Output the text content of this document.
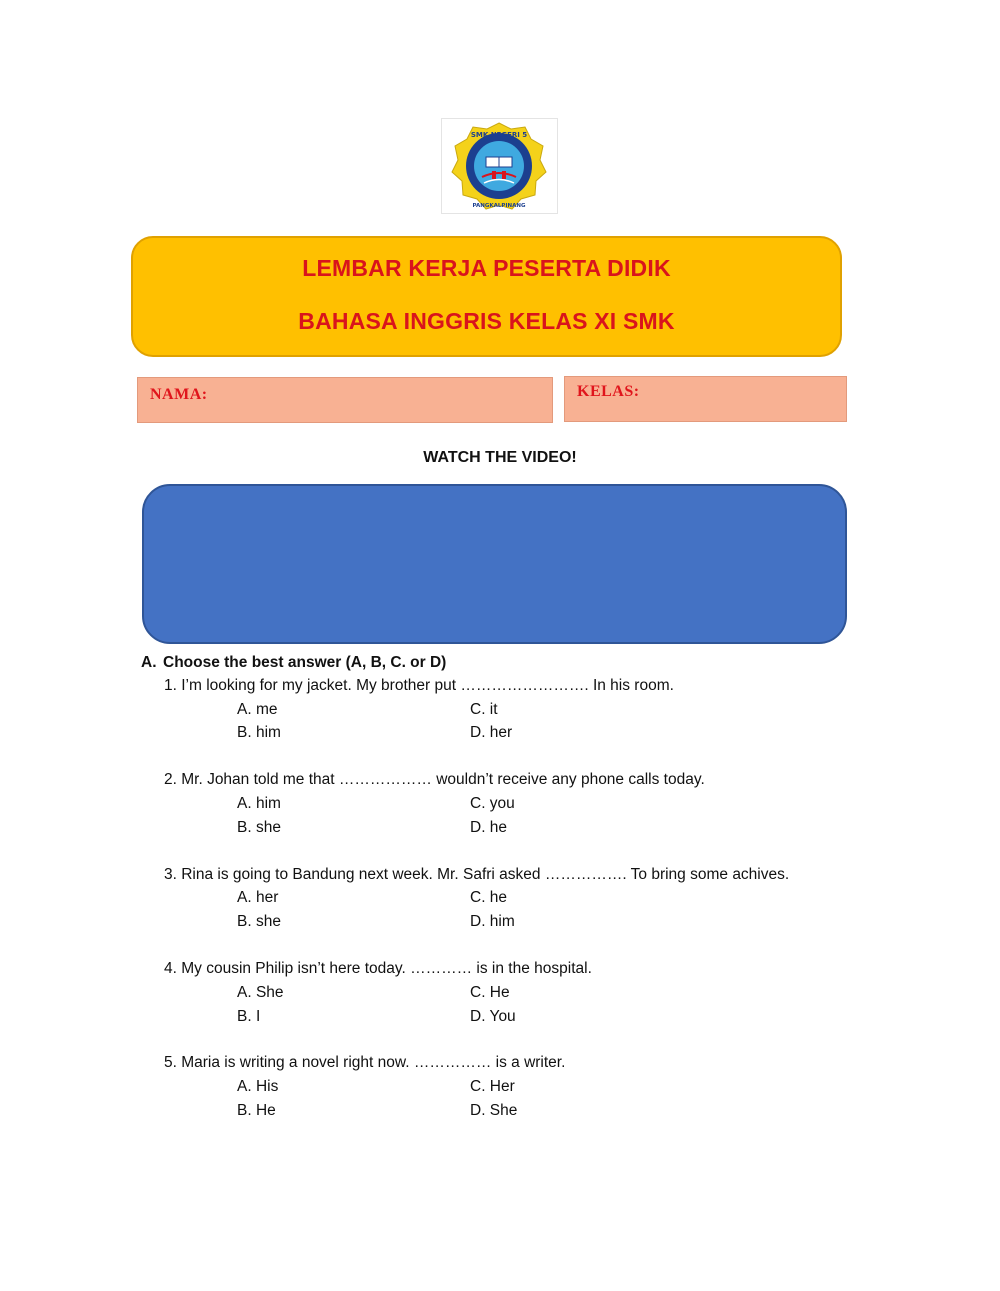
SMK NEGERI 5
PANGKALPINANG
LEMBAR KERJA PESERTA DIDIK
BAHASA INGGRIS KELAS XI SMK
NAMA:	KELAS:
WATCH THE VIDEO!
A. Choose the best answer (A, B, C. or D)
1. I’m looking for my jacket. My brother put ……………………. In his room.
A. me	C. it
B. him	D. her
2. Mr. Johan told me that ……………… wouldn’t receive any phone calls today.
A. him	C. you
B. she	D. he
3. Rina is going to Bandung next week. Mr. Safri asked ……………. To bring some achives.
A. her	C. he
B. she	D. him
4. My cousin Philip isn’t here today. ………… is in the hospital.
A. She	C. He
B. I	D. You
5. Maria is writing a novel right now. …………… is a writer.
A. His	C. Her
B. He	D. She
